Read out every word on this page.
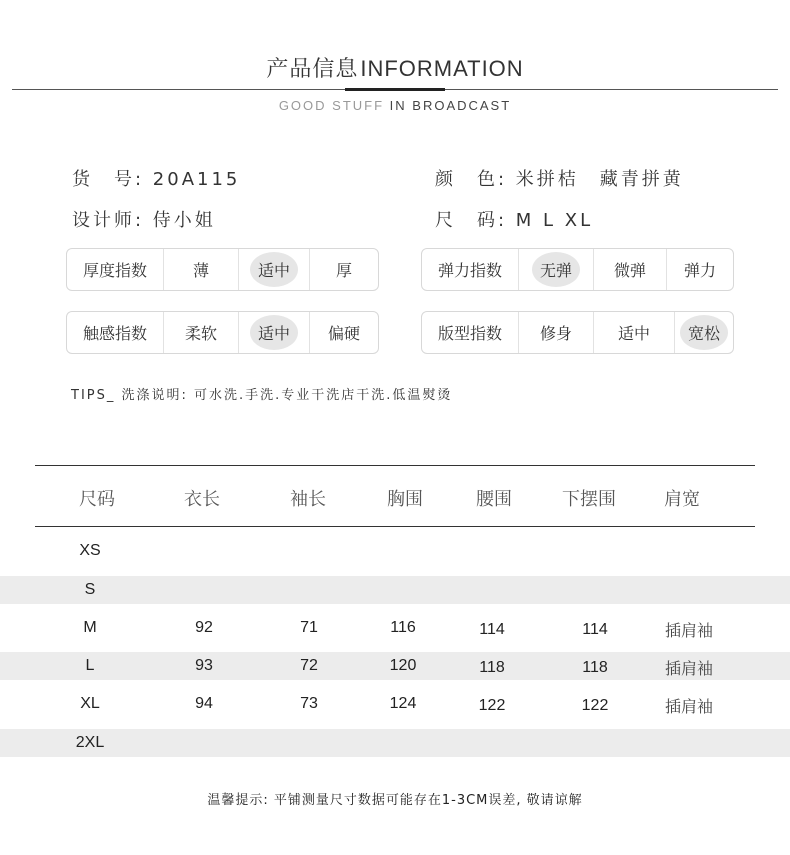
产品信息INFORMATION
GOOD STUFF IN BROADCAST
货　号: 20A115	颜　色: 米拼桔　藏青拼黄
设计师: 侍小姐	尺　码: M L XL
厚度指数	薄	适中	厚	弹力指数	无弹	微弹 弹力
触感指数 柔软	适中	偏硬	版型指数 修身	适中	宽松
TIPS_ 洗涤说明: 可水洗.手洗.专业干洗店干洗.低温熨烫
尺码	衣长	袖长	胸围	腰围	下摆围	肩宽
XS
S
M	92	71	116	114	114	插肩袖
L	93	72	120	118	118	插肩袖
XL	94	73	124	122	122	插肩袖
2XL
温馨提示: 平铺测量尺寸数据可能存在1-3CM误差, 敬请谅解
